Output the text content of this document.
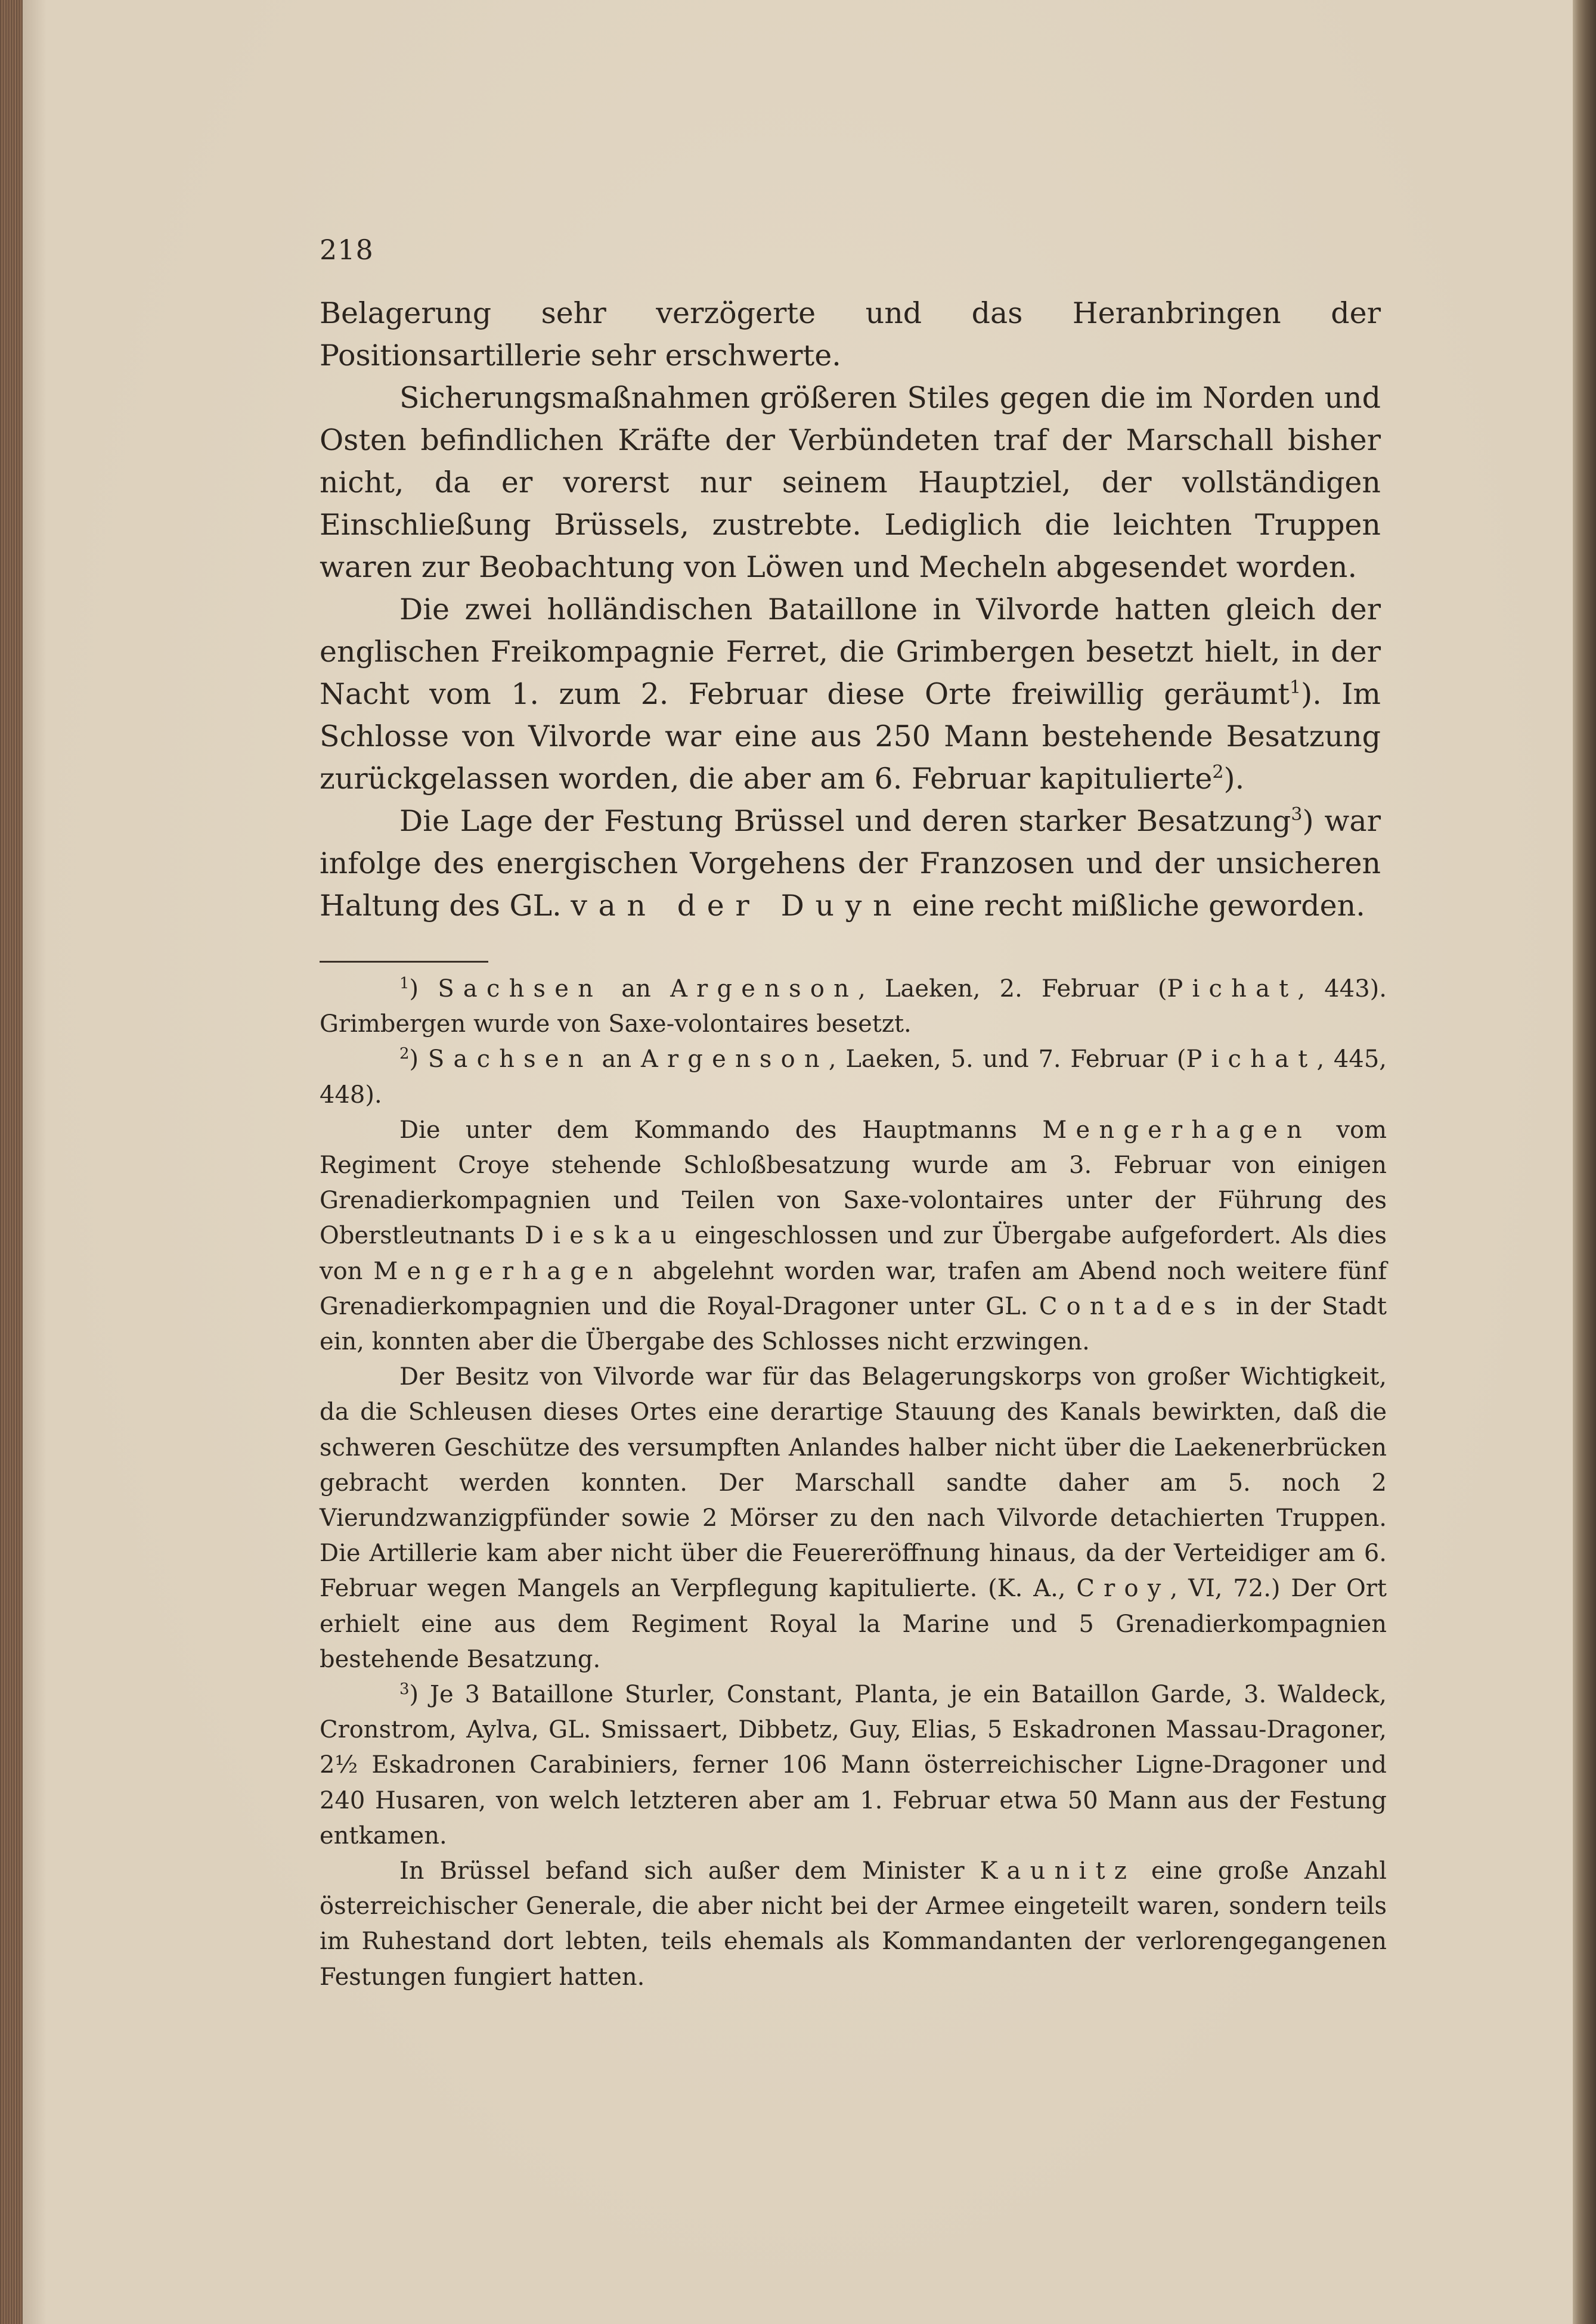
218

Belagerung sehr verzögerte und das Heranbringen der Positionsartillerie sehr erschwerte.

Sicherungsmaßnahmen größeren Stiles gegen die im Norden und Osten befindlichen Kräfte der Verbündeten traf der Marschall bisher nicht, da er vorerst nur seinem Hauptziel, der vollständigen Einschließung Brüssels, zustrebte. Lediglich die leichten Truppen waren zur Beobachtung von Löwen und Mecheln abgesendet worden.

Die zwei holländischen Bataillone in Vilvorde hatten gleich der englischen Freikompagnie Ferret, die Grimbergen besetzt hielt, in der Nacht vom 1. zum 2. Februar diese Orte freiwillig geräumt$^1$). Im Schlosse von Vilvorde war eine aus 250 Mann bestehende Besatzung zurückgelassen worden, die aber am 6. Februar kapitulierte$^2$).

Die Lage der Festung Brüssel und deren starker Besatzung$^3$) war infolge des energischen Vorgehens der Franzosen und der unsicheren Haltung des GL. van der Duyn eine recht mißliche geworden.

$^1$) Sachsen an Argenson, Laeken, 2. Februar (Pichat, 443). Grimbergen wurde von Saxe-volontaires besetzt.

$^2$) Sachsen an Argenson, Laeken, 5. und 7. Februar (Pichat, 445, 448).

Die unter dem Kommando des Hauptmanns Mengerhagen vom Regiment Croye stehende Schloßbesatzung wurde am 3. Februar von einigen Grenadierkompagnien und Teilen von Saxe-volontaires unter der Führung des Oberstleutnants Dieskau eingeschlossen und zur Übergabe aufgefordert. Als dies von Mengerhagen abgelehnt worden war, trafen am Abend noch weitere fünf Grenadierkompagnien und die Royal-Dragoner unter GL. Contades in der Stadt ein, konnten aber die Übergabe des Schlosses nicht erzwingen.

Der Besitz von Vilvorde war für das Belagerungskorps von großer Wichtigkeit, da die Schleusen dieses Ortes eine derartige Stauung des Kanals bewirkten, daß die schweren Geschütze des versumpften Anlandes halber nicht über die Laekenerbrücken gebracht werden konnten. Der Marschall sandte daher am 5. noch 2 Vierundzwanzigpfünder sowie 2 Mörser zu den nach Vilvorde detachierten Truppen. Die Artillerie kam aber nicht über die Feuereröffnung hinaus, da der Verteidiger am 6. Februar wegen Mangels an Verpflegung kapitulierte. (K. A., Croy, VI, 72.) Der Ort erhielt eine aus dem Regiment Royal la Marine und 5 Grenadierkompagnien bestehende Besatzung.

$^3$) Je 3 Bataillone Sturler, Constant, Planta, je ein Bataillon Garde, 3. Waldeck, Cronstrom, Aylva, GL. Smissaert, Dibbetz, Guy, Elias, 5 Eskadronen Massau-Dragoner, 2½ Eskadronen Carabiniers, ferner 106 Mann österreichischer Ligne-Dragoner und 240 Husaren, von welch letzteren aber am 1. Februar etwa 50 Mann aus der Festung entkamen.

In Brüssel befand sich außer dem Minister Kaunitz eine große Anzahl österreichischer Generale, die aber nicht bei der Armee eingeteilt waren, sondern teils im Ruhestand dort lebten, teils ehemals als Kommandanten der verlorengegangenen Festungen fungiert hatten.
